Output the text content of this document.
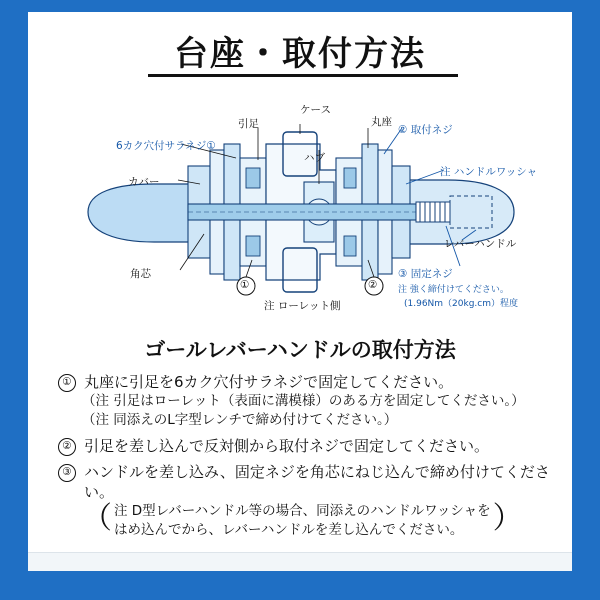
台座・取付方法
引足
ケース
丸座
6カク穴付サラネジ①
ハブ
② 取付ネジ
カバー
注 ハンドルワッシャ
角芯
レバーハンドル
注 ローレット側
③ 固定ネジ
注 強く締付けてください。
(1.96Nm（20kg.cm）程度
①	②
ゴールレバーハンドルの取付方法
① 丸座に引足を6カク穴付サラネジで固定してください。
（注 引足はローレット（表面に溝模様）のある方を固定してください。）
（注 同添えのL字型レンチで締め付けてください。）
② 引足を差し込んで反対側から取付ネジで固定してください。
③ ハンドルを差し込み、固定ネジを角芯にねじ込んで締め付けてください。
（ 注 D型レバーハンドル等の場合、同添えのハンドルワッシャを
はめ込んでから、レバーハンドルを差し込んでください。 ）
